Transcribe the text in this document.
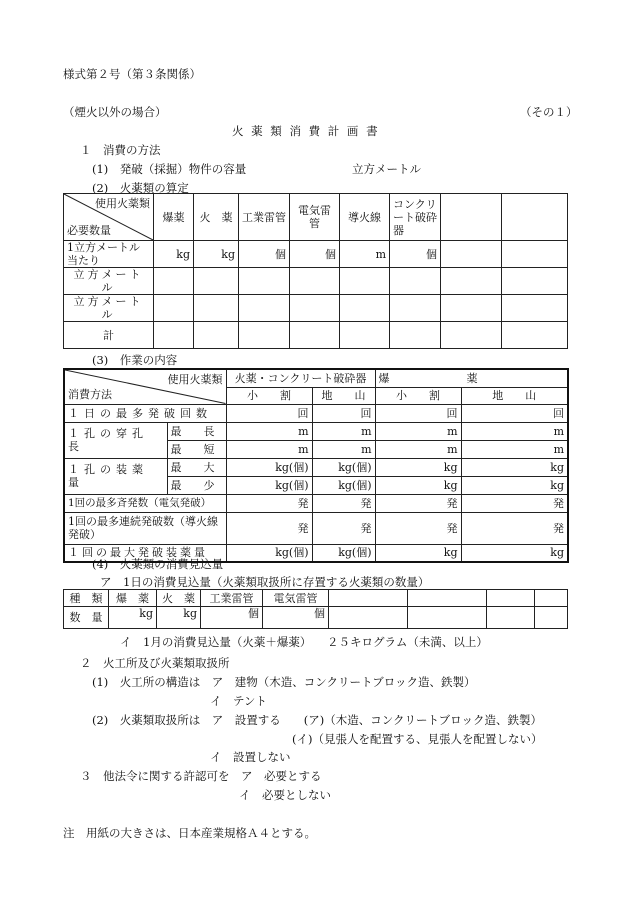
様式第２号（第３条関係）
（煙火以外の場合）	（その１）
火 薬 類 消 費 計 画 書
１　消費の方法
(1)　発破（採掘）物件の容量	立方メートル
(2)　火薬類の算定
使用火薬類
必要数量	爆薬	火　薬	工業雷管	電気雷管	導火線	コンクリート破砕器		
1立方メートル当たり	kg	kg	個	個	m	個		
立方メートル								
立方メートル								
計								
(3)　作業の内容
使用火薬類
消費方法		火薬・コンクリート破砕器		爆　　　　　　　薬	
		小　　割	地　　山	小　　割	地　　山
１日の最多発破回数		回	回	回	回
１孔の穿孔長	最　　長	m	m	m	m
	最　　短	m	m	m	m
１孔の装薬量	最　　大	kg(個)	kg(個)	kg	kg
	最　　少	kg(個)	kg(個)	kg	kg
1回の最多斉発数（電気発破）		発	発	発	発
1回の最多連続発破数（導火線発破）		発	発	発	発
１回の最大発破装薬量		kg(個)	kg(個)	kg	kg
(4)　火薬類の消費見込量
ア　1日の消費見込量（火薬類取扱所に存置する火薬類の数量）
種　類	爆　薬	火　薬	工業雷管	電気雷管				
数　量	kg	kg	個	個				
イ　1月の消費見込量（火薬＋爆薬） ２５キログラム（未満、以上）
２　火工所及び火薬類取扱所
(1)　火工所の構造は　ア　建物（木造、コンクリートブロック造、鉄製）
イ　テント
(2)　火薬類取扱所は　ア　設置する　　(ア)（木造、コンクリートブロック造、鉄製）
(イ)（見張人を配置する、見張人を配置しない）
イ　設置しない
３　他法令に関する許認可を　ア　必要とする
イ　必要としない
注　用紙の大きさは、日本産業規格Ａ４とする。
